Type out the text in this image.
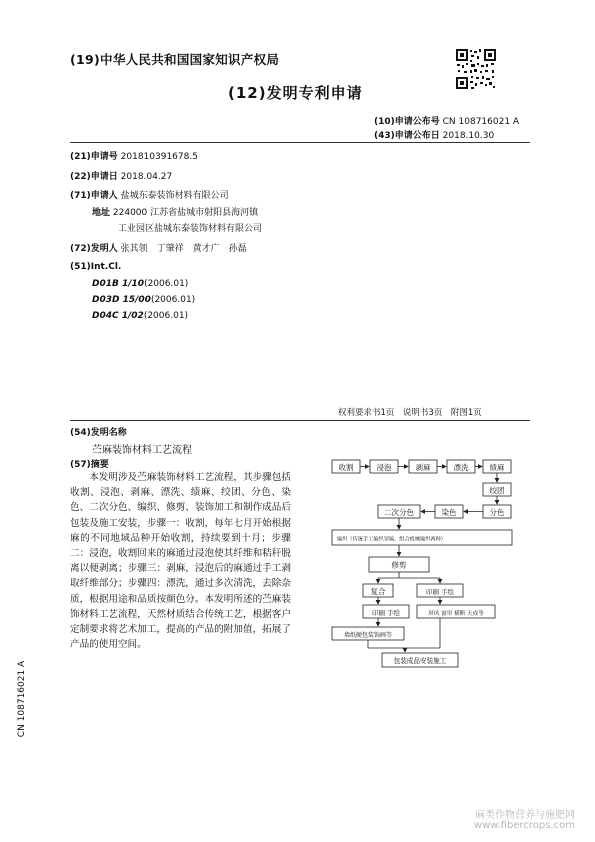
(19)中华人民共和国国家知识产权局
(12)发明专利申请
(10)申请公布号 CN 108716021 A
(43)申请公布日 2018.10.30
(21)申请号 201810391678.5
(22)申请日 2018.04.27
(71)申请人 盐城东泰装饰材料有限公司
地址 224000 江苏省盐城市射阳县海河镇
工业园区盐城东泰装饰材料有限公司
(72)发明人 张其领　丁肇祥　黄才广　孙磊
(51)Int.Cl.
D01B 1/10(2006.01)
D03D 15/00(2006.01)
D04C 1/02(2006.01)
权利要求书1页　说明书3页　附图1页
(54)发明名称
苎麻装饰材料工艺流程
(57)摘要
本发明涉及苎麻装饰材料工艺流程，其步骤包括收割、浸泡、剥麻、漂洗、绩麻、绞团、分色、染色、二次分色、编织、修剪、装饰加工和制作成品后包装及施工安装，步骤一：收割，每年七月开始根据麻的不同地域品种开始收割，持续要到十月；步骤二：浸泡，收割回来的麻通过浸泡使其纤维和秸秆脱离以便剥离；步骤三：剥麻，浸泡后的麻通过手工剥取纤维部分；步骤四：漂洗，通过多次清洗，去除杂质，根据用途和品质按颜色分。本发明所述的苎麻装饰材料工艺流程，天然材质结合传统工艺，根据客户定制要求将艺术加工，提高的产品的附加值，拓展了产品的使用空间。
收割	浸泡	剥麻	漂洗	绩麻
绞团
二次分色	染色	分色
编织（传统手工编织穿编、组合机械编织两种）
修剪
复合	印刷 手绘
印刷 手绘	屏风 窗帘 横断 天成等
墙纸硬包装饰画等
包装成品安装施工
CN 108716021 A
麻类作物营养与施肥网
www.fibercrops.com
